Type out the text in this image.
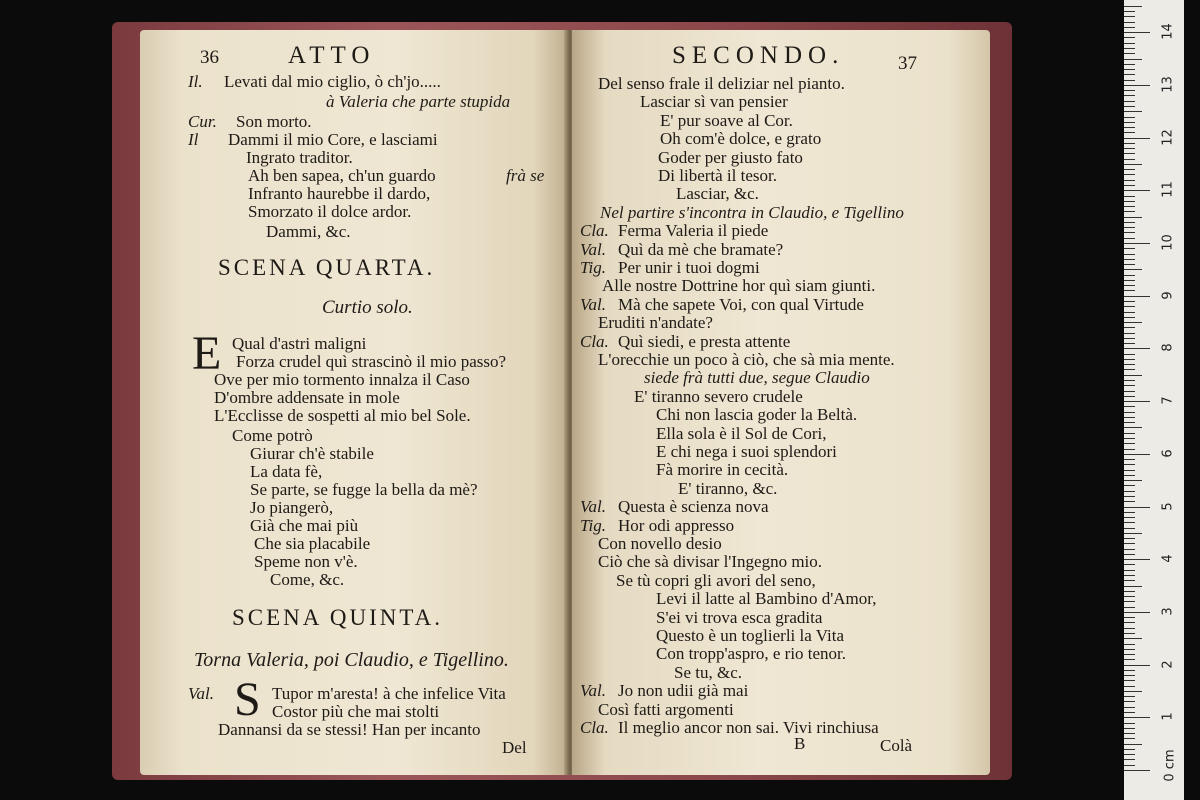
36	ATTO
Il. Levati dal mio ciglio, ò ch'jo.....
à Valeria che parte stupida
Cur. Son morto.
Il Dammi il mio Core, e lasciami
Ingrato traditor.
Ah ben sapea, ch'un guardo	frà se
Infranto haurebbe il dardo,
Smorzato il dolce ardor.
Dammi, &c.
SCENA QUARTA.
Curtio solo.
E Qual d'astri maligni
Forza crudel quì strascinò il mio passo?
Ove per mio tormento innalza il Caso
D'ombre addensate in mole
L'Ecclisse de sospetti al mio bel Sole.
Come potrò
Giurar ch'è stabile
La data fè,
Se parte, se fugge la bella da mè?
Jo piangerò,
Già che mai più
Che sia placabile
Speme non v'è.
Come, &c.
SCENA QUINTA.
Torna Valeria, poi Claudio, e Tigellino.
Val. S Tupor m'aresta! à che infelice Vita
Costor più che mai stolti
Dannansi da se stessi! Han per incanto
Del
SECONDO.	37
Del senso frale il deliziar nel pianto.
Lasciar sì van pensier
E' pur soave al Cor.
Oh com'è dolce, e grato
Goder per giusto fato
Di libertà il tesor.
Lasciar, &c.
Nel partire s'incontra in Claudio, e Tigellino
Cla. Ferma Valeria il piede
Val. Quì da mè che bramate?
Tig. Per unir i tuoi dogmi
Alle nostre Dottrine hor quì siam giunti.
Val. Mà che sapete Voi, con qual Virtude
Eruditi n'andate?
Cla. Quì siedi, e presta attente
L'orecchie un poco à ciò, che sà mia mente.
siede frà tutti due, segue Claudio
E' tiranno severo crudele
Chi non lascia goder la Beltà.
Ella sola è il Sol de Cori,
E chi nega i suoi splendori
Fà morire in cecità.
E' tiranno, &c.
Val. Questa è scienza nova
Tig. Hor odi appresso
Con novello desio
Ciò che sà divisar l'Ingegno mio.
Se tù copri gli avori del seno,
Levi il latte al Bambino d'Amor,
S'ei vi trova esca gradita
Questo è un toglierli la Vita
Con tropp'aspro, e rio tenor.
Se tu, &c.
Val. Jo non udii già mai
Così fatti argomenti
Cla. Il meglio ancor non sai. Vivi rinchiusa
B	Colà
1
2
3
4
5
6
7
8
9
10
11
12
13
14
0 cm
